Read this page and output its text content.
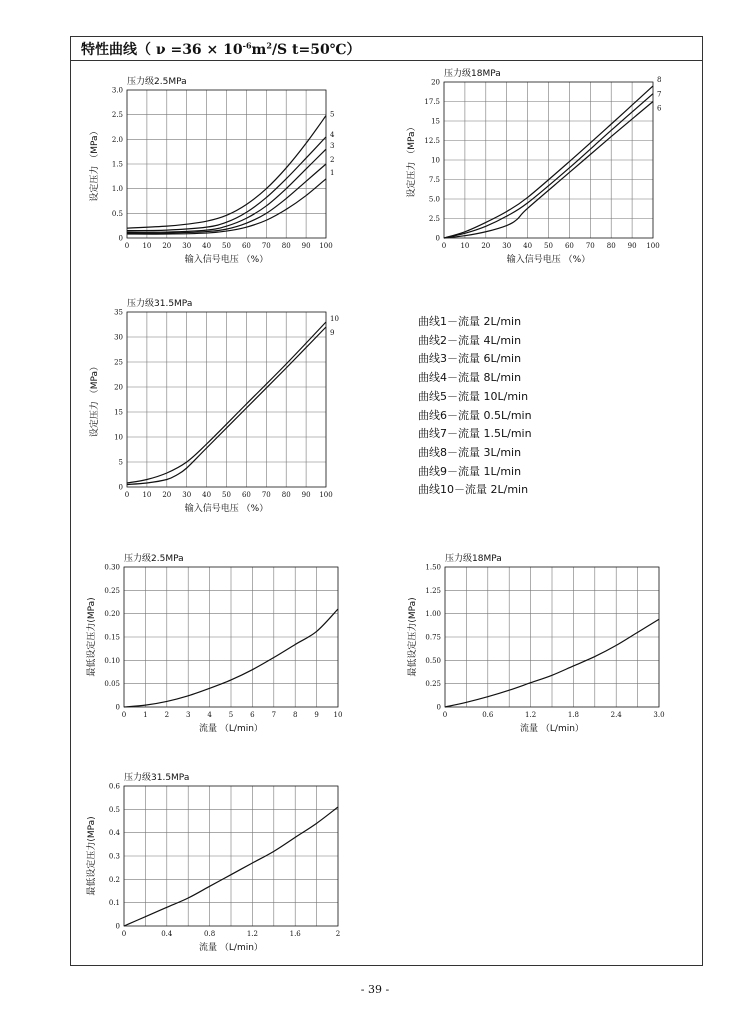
0 10 20 30 40 50 60 70 80 90 100
0
0.5
1.0
1.5
2.0
2.5
3.0
压力级2.5MPa
输入信号电压 （%）
设定压力 （MPa）	1
2
3
4
5
0 10 20 30 40 50 60 70 80 90 100
0
2.5
5.0
7.5
10
12.5
15
17.5
20
压力级18MPa
输入信号电压 （%）
设定压力 （MPa）
6
7
8
0 10 20 30 40 50 60 70 80 90 100
0
5
10
15
20
25
30
35
压力级31.5MPa
输入信号电压 （%）
设定压力 （MPa）
9
10
0 1 2 3 4 5 6 7 8 9 10
0
0.05
0.10
0.15
0.20
0.25
0.30
压力级2.5MPa
流量 （L/min）
最低设定压力(MPa)
0	0.6	1.2	1.8	2.4	3.0
0
0.25
0.50
0.75
1.00
1.25
1.50
压力级18MPa
流量 （L/min）
最低设定压力(MPa)
0	0.4	0.8	1.2	1.6	2
0
0.1
0.2
0.3
0.4
0.5
0.6
压力级31.5MPa
流量 （L/min）
最低设定压力(MPa)
特性曲线（ $\nu =36 \times 10^{-6}m^2/S$ t=50℃）
曲线1－流量 2L/min
曲线2－流量 4L/min
曲线3－流量 6L/min
曲线4－流量 8L/min
曲线5－流量 10L/min
曲线6－流量 0.5L/min
曲线7－流量 1.5L/min
曲线8－流量 3L/min
曲线9－流量 1L/min
曲线10－流量 2L/min
- 39 -
